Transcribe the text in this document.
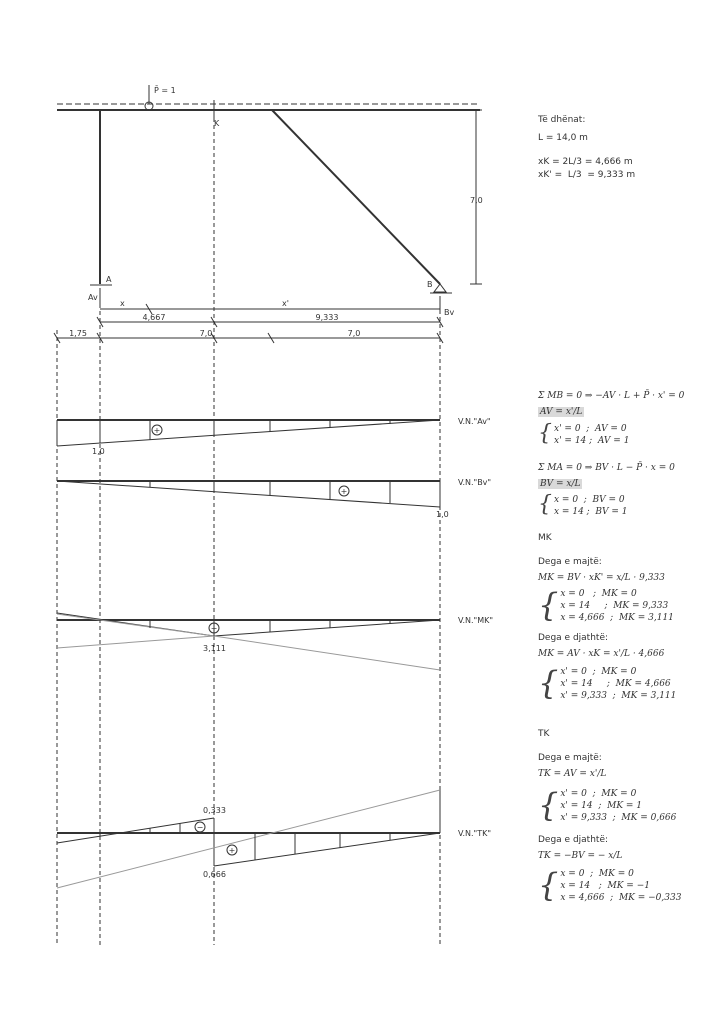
+
1,0
V.N."Av"
+
1,0
V.N."Bv"
−
3,111
V.N."MK"
−
+
0,333
0,666
V.N."TK"
P̄ = 1
K
A
B
Av
Bv
x	x'
7,0
4,667	9,333
1,75	7,0	7,0
Të dhënat:
L = 14,0 m
xK = 2L/3 = 4,666 m
xK' =  L/3  = 9,333 m
Σ MB = 0 ⇒ −AV · L + P̄ · x' = 0
AV = x'/L
{ x' = 0  ;  AV = 0
x' = 14 ;  AV = 1
Σ MA = 0 ⇒ BV · L − P̄ · x = 0
BV = x/L
{ x = 0  ;  BV = 0
x = 14 ;  BV = 1
MK
Dega e majtë:
MK = BV · xK' = x/L · 9,333
{ x = 0   ;  MK = 0
x = 14     ;  MK = 9,333
x = 4,666  ;  MK = 3,111
Dega e djathtë:
MK = AV · xK = x'/L · 4,666
{ x' = 0  ;  MK = 0
x' = 14     ;  MK = 4,666
x' = 9,333  ;  MK = 3,111
TK
Dega e majtë:
TK = AV = x'/L
{ x' = 0  ;  MK = 0
x' = 14  ;  MK = 1
x' = 9,333  ;  MK = 0,666
Dega e djathtë:
TK = −BV = − x/L
{ x = 0  ;  MK = 0
x = 14   ;  MK = −1
x = 4,666  ;  MK = −0,333
